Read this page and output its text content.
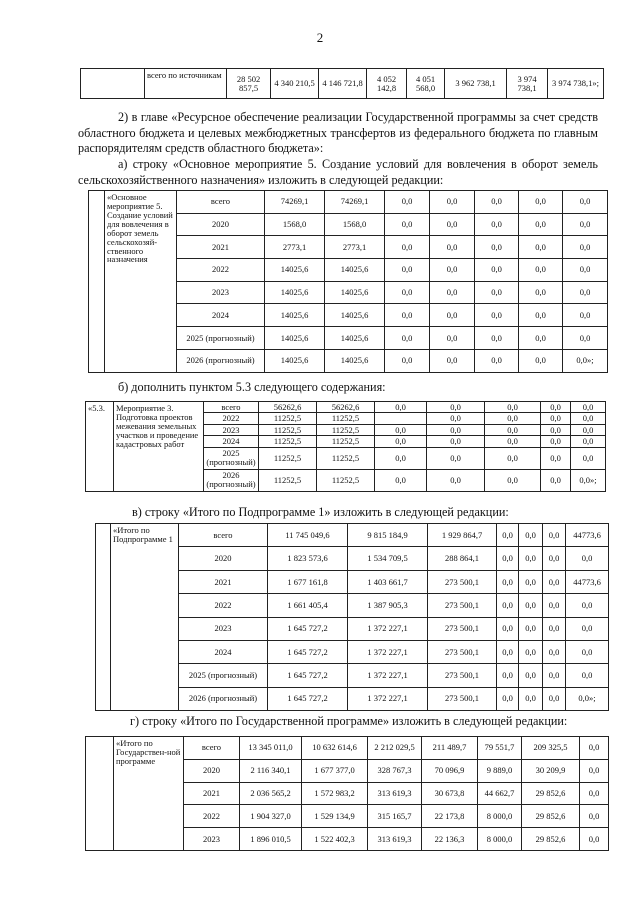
2
	всего по источникам	28 502 857,5	4 340 210,5	4 146 721,8	4 052 142,8	4 051 568,0	3 962 738,1	3 974 738,1	3 974 738,1»;
2) в главе «Ресурсное обеспечение реализации Государственной программы за счет средств областного бюджета и целевых межбюджетных трансфертов из федерального бюджета по главным распорядителям средств областного бюджета»:
а) строку «Основное мероприятие 5. Создание условий для вовлечения в оборот земель сельскохозяйственного назначения» изложить в следующей редакции:
	«Основное мероприятие 5. Создание условий для вовлечения в оборот земель сельскохозяй-ственного назначения	всего	74269,1	74269,1	0,0	0,0	0,0	0,0	0,0
		2020	1568,0	1568,0	0,0	0,0	0,0	0,0	0,0
		2021	2773,1	2773,1	0,0	0,0	0,0	0,0	0,0
		2022	14025,6	14025,6	0,0	0,0	0,0	0,0	0,0
		2023	14025,6	14025,6	0,0	0,0	0,0	0,0	0,0
		2024	14025,6	14025,6	0,0	0,0	0,0	0,0	0,0
		2025 (прогнозный)	14025,6	14025,6	0,0	0,0	0,0	0,0	0,0
		2026 (прогнозный)	14025,6	14025,6	0,0	0,0	0,0	0,0	0,0»;
б) дополнить пунктом 5.3 следующего содержания:
«5.3.	Мероприятие 3. Подготовка проектов межевания земельных участков и проведение кадастровых работ	всего	56262,6	56262,6	0,0	0,0	0,0	0,0	0,0
		2022	11252,5	11252,5		0,0	0,0	0,0	0,0
		2023	11252,5	11252,5	0,0	0,0	0,0	0,0	0,0
		2024	11252,5	11252,5	0,0	0,0	0,0	0,0	0,0
		2025 (прогнозный)	11252,5	11252,5	0,0	0,0	0,0	0,0	0,0
		2026 (прогнозный)	11252,5	11252,5	0,0	0,0	0,0	0,0	0,0»;
в) строку «Итого по Подпрограмме 1» изложить в следующей редакции:
	«Итого по Подпрограмме 1	всего	11 745 049,6	9 815 184,9	1 929 864,7	0,0	0,0	0,0	44773,6
		2020	1 823 573,6	1 534 709,5	288 864,1	0,0	0,0	0,0	0,0
		2021	1 677 161,8	1 403 661,7	273 500,1	0,0	0,0	0,0	44773,6
		2022	1 661 405,4	1 387 905,3	273 500,1	0,0	0,0	0,0	0,0
		2023	1 645 727,2	1 372 227,1	273 500,1	0,0	0,0	0,0	0,0
		2024	1 645 727,2	1 372 227,1	273 500,1	0,0	0,0	0,0	0,0
		2025 (прогнозный)	1 645 727,2	1 372 227,1	273 500,1	0,0	0,0	0,0	0,0
		2026 (прогнозный)	1 645 727,2	1 372 227,1	273 500,1	0,0	0,0	0,0	0,0»;
г) строку «Итого по Государственной программе» изложить в следующей редакции:
	«Итого по Государствен-ной программе	всего	13 345 011,0	10 632 614,6	2 212 029,5	211 489,7	79 551,7	209 325,5	0,0
		2020	2 116 340,1	1 677 377,0	328 767,3	70 096,9	9 889,0	30 209,9	0,0
		2021	2 036 565,2	1 572 983,2	313 619,3	30 673,8	44 662,7	29 852,6	0,0
		2022	1 904 327,0	1 529 134,9	315 165,7	22 173,8	8 000,0	29 852,6	0,0
		2023	1 896 010,5	1 522 402,3	313 619,3	22 136,3	8 000,0	29 852,6	0,0
